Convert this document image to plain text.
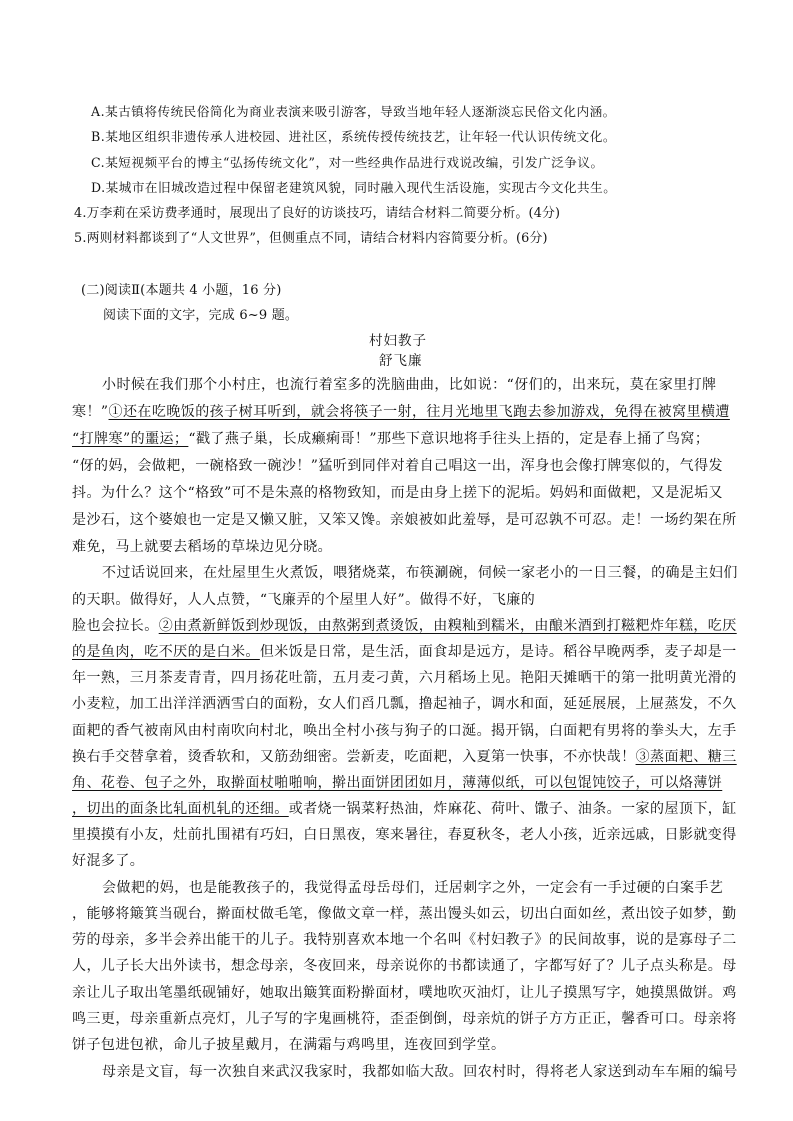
A.某古镇将传统民俗简化为商业表演来吸引游客，导致当地年轻人逐渐淡忘民俗文化内涵。
B.某地区组织非遗传承人进校园、进社区，系统传授传统技艺，让年轻一代认识传统文化。
C.某短视频平台的博主“弘扬传统文化”，对一些经典作品进行戏说改编，引发广泛争议。
D.某城市在旧城改造过程中保留老建筑风貌，同时融入现代生活设施，实现古今文化共生。
4.万李莉在采访费孝通时，展现出了良好的访谈技巧，请结合材料二简要分析。(4分)
5.两则材料都谈到了“人文世界”，但侧重点不同，请结合材料内容简要分析。(6分)
(二)阅读Ⅱ(本题共 4 小题，16 分)
阅读下面的文字，完成 6~9 题。
村妇教子
舒飞廉
小时候在我们那个小村庄，也流行着室多的洗脑曲曲，比如说：“伢们的，出来玩，莫在家里打牌
寒！”①还在吃晚饭的孩子树耳听到，就会将筷子一射，往月光地里飞跑去参加游戏，免得在被窝里横遭
“打牌寒”的噩运；“戳了燕子巢，长成癞痢哥！”那些下意识地将手往头上捂的，定是春上捅了鸟窝；
“伢的妈，会做耙，一碗格致一碗沙！”猛听到同伴对着自己唱这一出，浑身也会像打牌寒似的，气得发
抖。为什么？这个“格致”可不是朱熹的格物致知，而是由身上搓下的泥垢。妈妈和面做耙，又是泥垢又
是沙石，这个婆娘也一定是又懒又脏，又笨又馋。亲娘被如此羞辱，是可忍孰不可忍。走！一场约架在所
难免，马上就要去稻场的草垛边见分晓。
不过话说回来，在灶屋里生火煮饭，喂猪烧菜，布筷涮碗，伺候一家老小的一日三餐，的确是主妇们
的天职。做得好，人人点赞，“飞廉弄的个屋里人好”。做得不好，飞廉的
脸也会拉长。②由煮新鲜饭到炒现饭，由熬粥到煮烫饭，由糗籼到糯米，由酿米酒到打糍粑炸年糕，吃厌
的是鱼肉，吃不厌的是白米。但米饭是日常，是生活，面食却是远方，是诗。稻谷早晚两季，麦子却是一
年一熟，三月茶麦青青，四月扬花吐箭，五月麦刁黄，六月稻场上见。艳阳天摊晒干的第一批明黄光滑的
小麦粒，加工出洋洋洒洒雪白的面粉，女人们舀几瓢，撸起袖子，调水和面，延延展展，上屉蒸发，不久
面耙的香气被南风由村南吹向村北，唤出全村小孩与狗子的口涎。揭开锅，白面耙有男将的拳头大，左手
换右手交替拿着，烫香软和，又筋劲细密。尝新麦，吃面耙，入夏第一快事，不亦快哉！③蒸面耙、糖三
角、花卷、包子之外，取擀面杖啪啪响，擀出面饼团团如月，薄薄似纸，可以包馄饨饺子，可以烙薄饼
，切出的面条比轧面机轧的还细。或者烧一锅菜籽热油，炸麻花、荷叶、馓子、油条。一家的屋顶下，缸
里摸摸有小友，灶前扎围裙有巧妇，白日黑夜，寒来暑往，春夏秋冬，老人小孩，近亲远戚，日影就变得
好混多了。
会做耙的妈，也是能教孩子的，我觉得孟母岳母们，迁居刺字之外，一定会有一手过硬的白案手艺
，能够将簸箕当砚台，擀面杖做毛笔，像做文章一样，蒸出馒头如云，切出白面如丝，煮出饺子如梦，勤
劳的母亲，多半会养出能干的儿子。我特别喜欢本地一个名叫《村妇教子》的民间故事，说的是寡母子二
人，儿子长大出外读书，想念母亲，冬夜回来，母亲说你的书都读通了，字都写好了？儿子点头称是。母
亲让儿子取出笔墨纸砚铺好，她取出簸箕面粉擀面材，噗地吹灭油灯，让儿子摸黑写字，她摸黑做饼。鸡
鸣三更，母亲重新点亮灯，儿子写的字鬼画桃符，歪歪倒倒，母亲炕的饼子方方正正，馨香可口。母亲将
饼子包进包袱，命儿子披星戴月，在满霜与鸡鸣里，连夜回到学堂。
母亲是文盲，每一次独自来武汉我家时，我都如临大敌。回农村时，得将老人家送到动车车厢的编号
